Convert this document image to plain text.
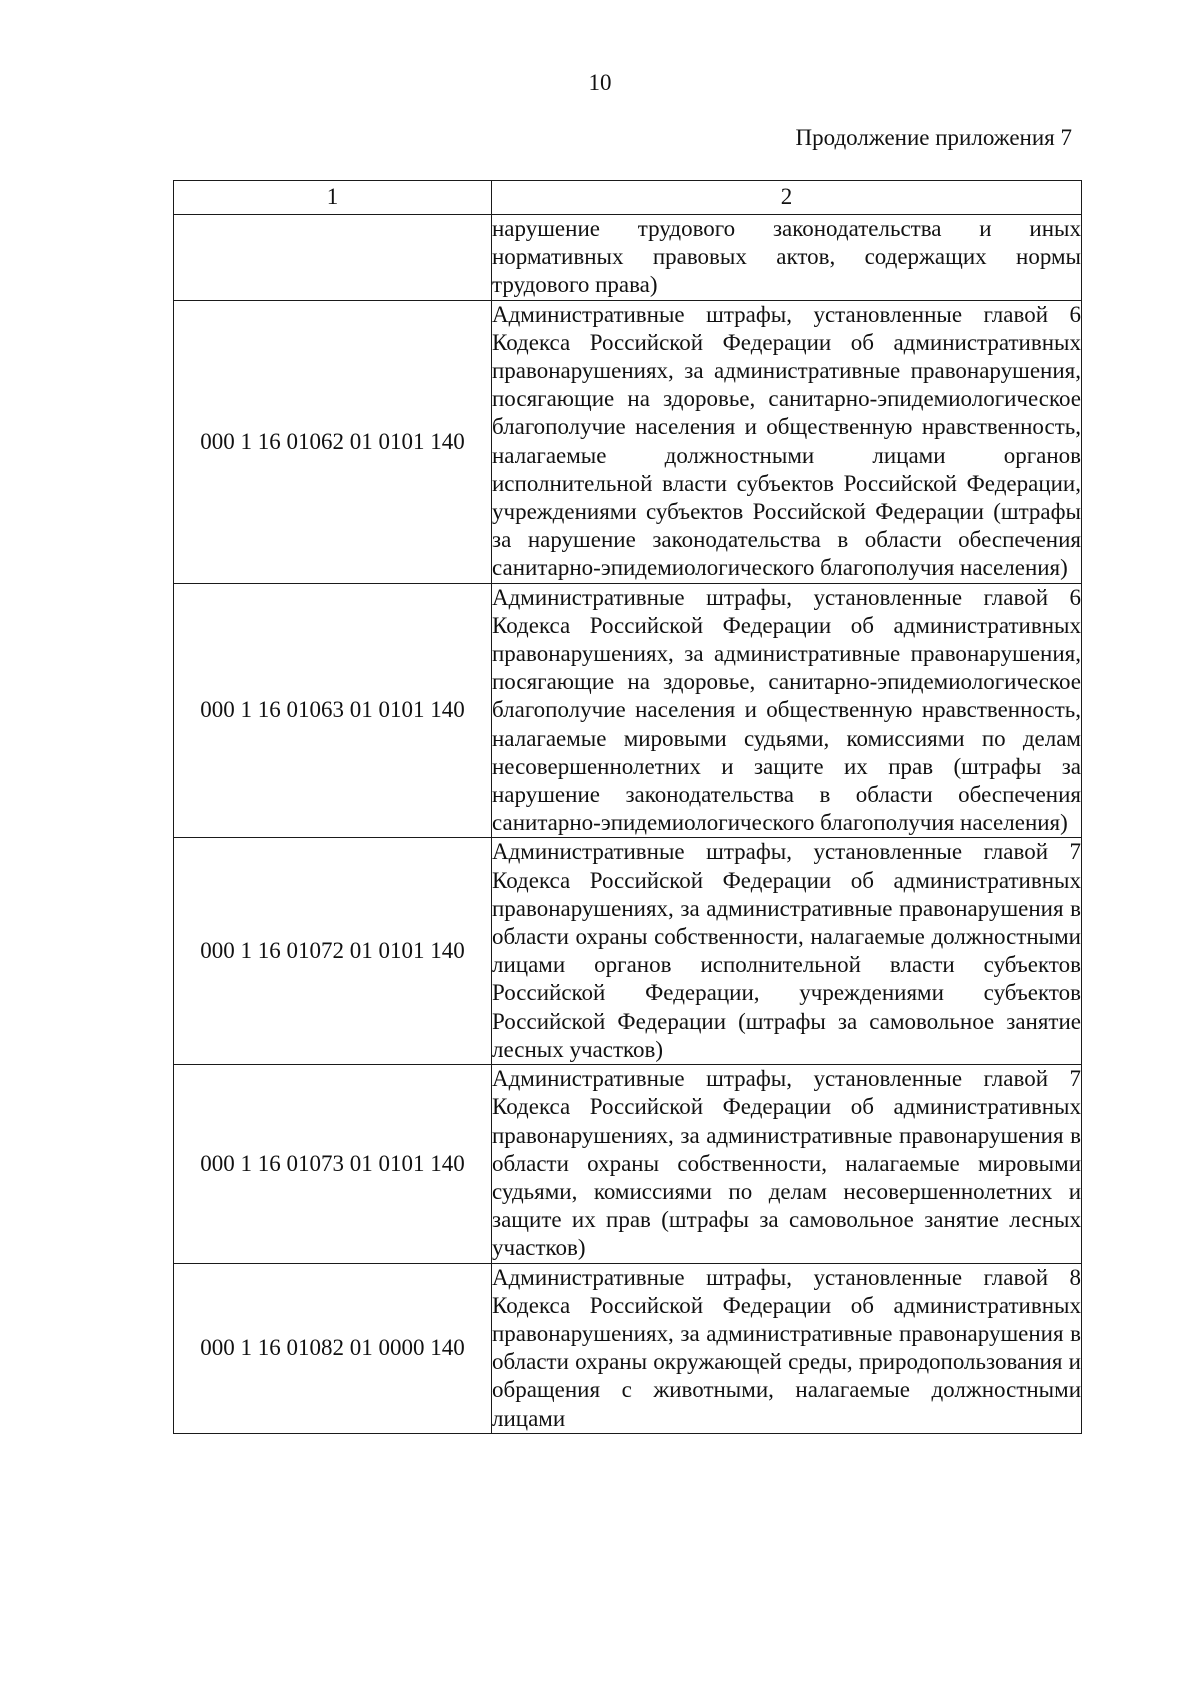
10
Продолжение приложения 7
1	2

	нарушение трудового законодательства и иных нормативных правовых актов, содержащих нормы трудового права)

000 1 16 01062 01 0101 140	Административные штрафы, установленные главой 6 Кодекса Российской Федерации об административных правонарушениях, за административные правонарушения, посягающие на здоровье, санитарно-эпидемиологическое благополучие населения и общественную нравственность, налагаемые должностными лицами органов исполнительной власти субъектов Российской Федерации, учреждениями субъектов Российской Федерации (штрафы за нарушение законодательства в области обеспечения санитарно-эпидемиологического благополучия населения)

000 1 16 01063 01 0101 140	Административные штрафы, установленные главой 6 Кодекса Российской Федерации об административных правонарушениях, за административные правонарушения, посягающие на здоровье, санитарно-эпидемиологическое благополучие населения и общественную нравственность, налагаемые мировыми судьями, комиссиями по делам несовершеннолетних и защите их прав (штрафы за нарушение законодательства в области обеспечения санитарно-эпидемиологического благополучия населения)

000 1 16 01072 01 0101 140	Административные штрафы, установленные главой 7 Кодекса Российской Федерации об административных правонарушениях, за административные правонарушения в области охраны собственности, налагаемые должностными лицами органов исполнительной власти субъектов Российской Федерации, учреждениями субъектов Российской Федерации (штрафы за самовольное занятие лесных участков)

000 1 16 01073 01 0101 140	Административные штрафы, установленные главой 7 Кодекса Российской Федерации об административных правонарушениях, за административные правонарушения в области охраны собственности, налагаемые мировыми судьями, комиссиями по делам несовершеннолетних и защите их прав (штрафы за самовольное занятие лесных участков)

000 1 16 01082 01 0000 140	Административные штрафы, установленные главой 8 Кодекса Российской Федерации об административных правонарушениях, за административные правонарушения в области охраны окружающей среды, природопользования и обращения с животными, налагаемые должностными лицами
